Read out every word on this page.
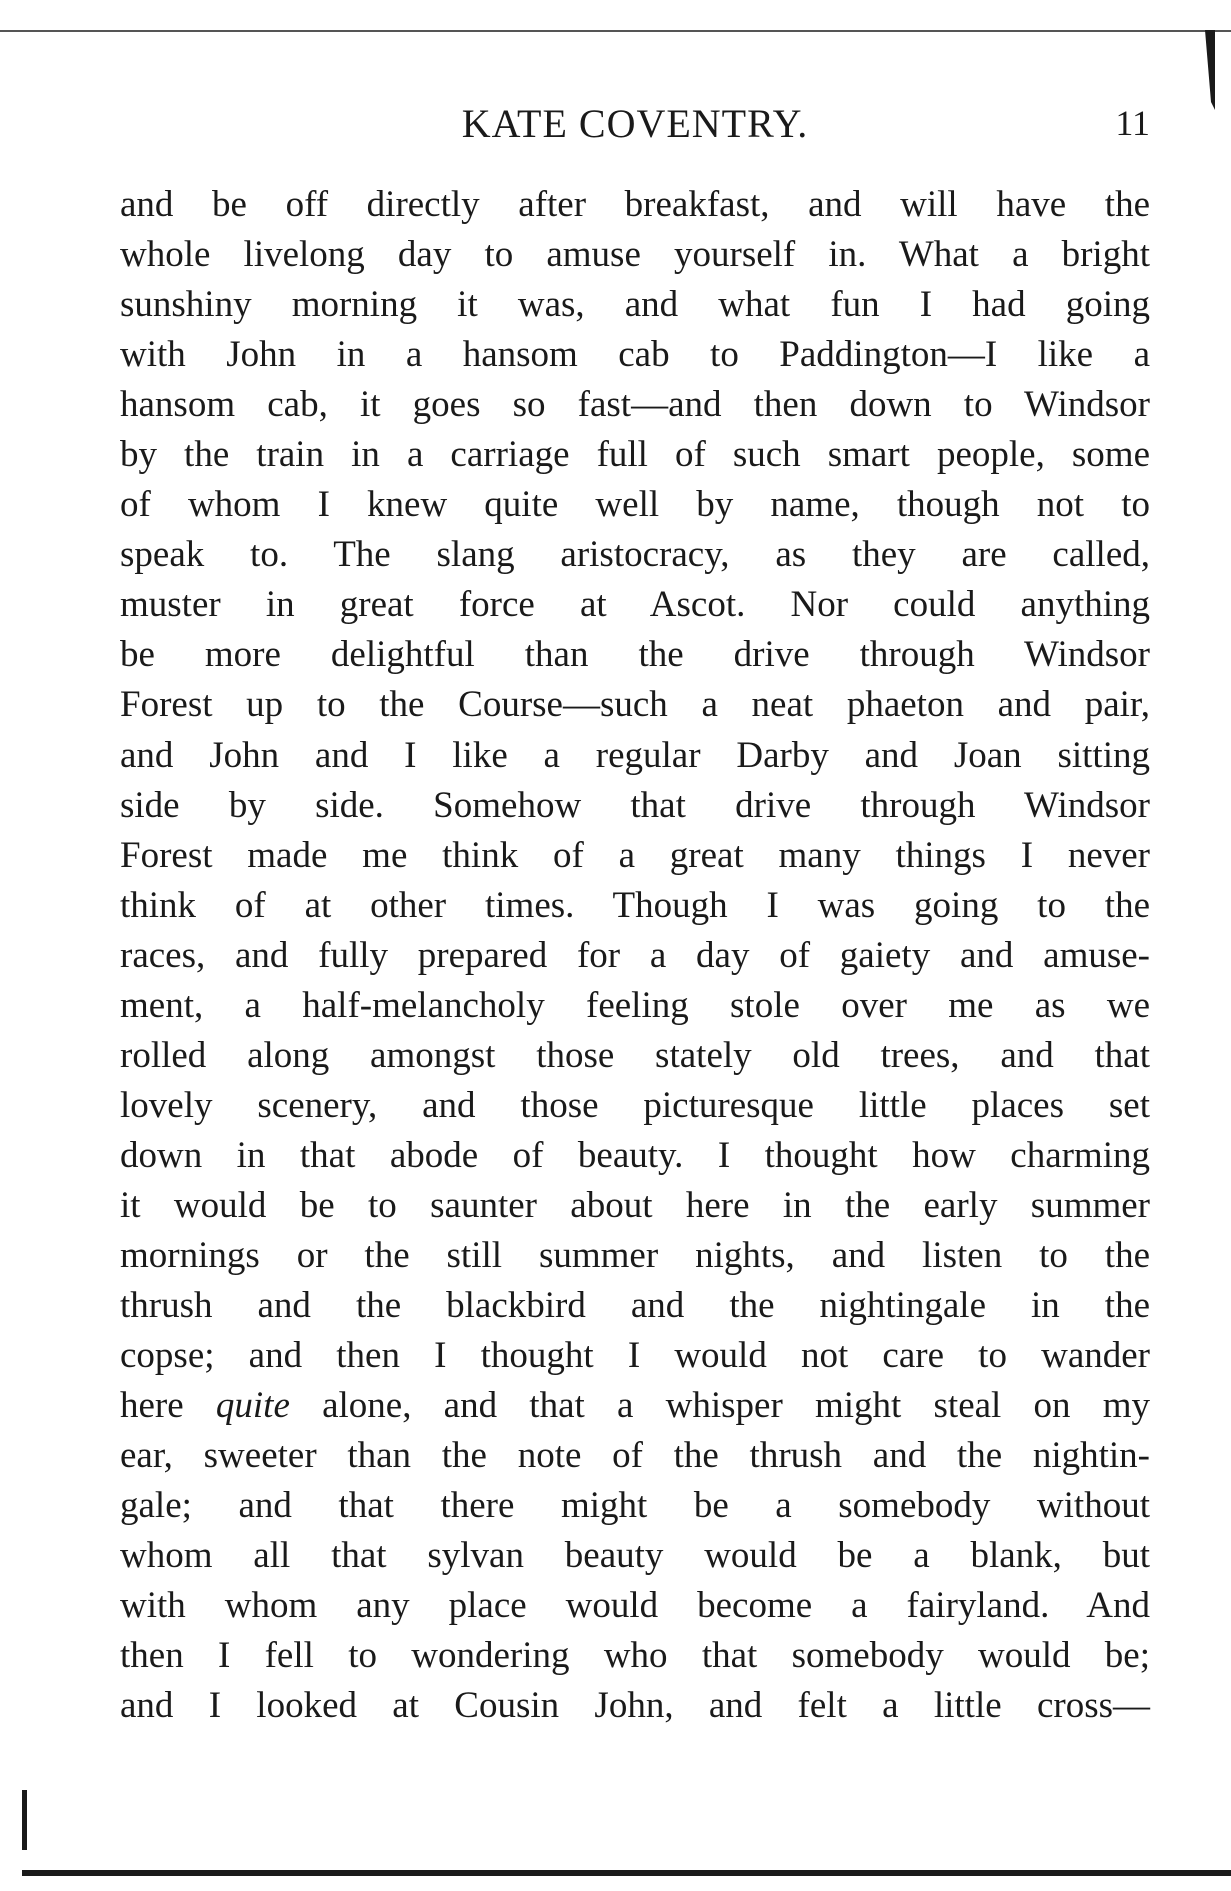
KATE COVENTRY.	11
and be off directly after breakfast, and will have the
whole livelong day to amuse yourself in. What a bright
sunshiny morning it was, and what fun I had going
with John in a hansom cab to Paddington—I like a
hansom cab, it goes so fast—and then down to Windsor
by the train in a carriage full of such smart people, some
of whom I knew quite well by name, though not to
speak to. The slang aristocracy, as they are called,
muster in great force at Ascot. Nor could anything
be more delightful than the drive through Windsor
Forest up to the Course—such a neat phaeton and pair,
and John and I like a regular Darby and Joan sitting
side by side. Somehow that drive through Windsor
Forest made me think of a great many things I never
think of at other times. Though I was going to the
races, and fully prepared for a day of gaiety and amuse-
ment, a half-melancholy feeling stole over me as we
rolled along amongst those stately old trees, and that
lovely scenery, and those picturesque little places set
down in that abode of beauty. I thought how charming
it would be to saunter about here in the early summer
mornings or the still summer nights, and listen to the
thrush and the blackbird and the nightingale in the
copse; and then I thought I would not care to wander
here quite alone, and that a whisper might steal on my
ear, sweeter than the note of the thrush and the nightin-
gale; and that there might be a somebody without
whom all that sylvan beauty would be a blank, but
with whom any place would become a fairyland. And
then I fell to wondering who that somebody would be;
and I looked at Cousin John, and felt a little cross—
